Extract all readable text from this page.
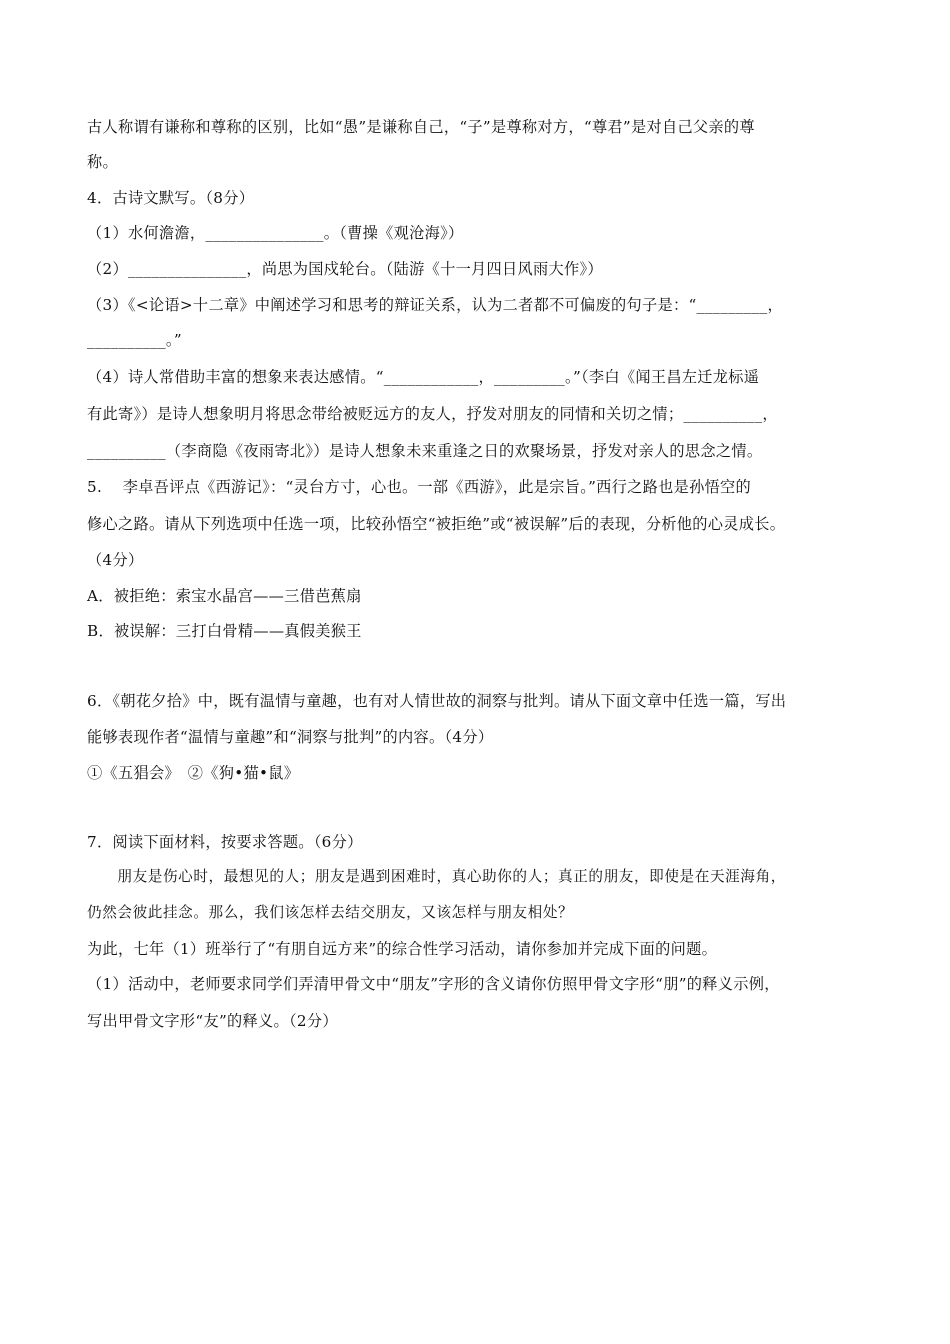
古人称谓有谦称和尊称的区别，比如“愚”是谦称自己，“子”是尊称对方，“尊君”是对自己父亲的尊
称。
4．古诗文默写。（8分）
（1）水何澹澹，_______________。（曹操《观沧海》）
（2）_______________，尚思为国戍轮台。（陆游《十一月四日风雨大作》）
（3）《<论语>十二章》中阐述学习和思考的辩证关系，认为二者都不可偏废的句子是：“_________，
__________。”
（4）诗人常借助丰富的想象来表达感情。“____________，_________。”（李白《闻王昌左迁龙标遥
有此寄》）是诗人想象明月将思念带给被贬远方的友人，抒发对朋友的同情和关切之情；__________，
__________（李商隐《夜雨寄北》）是诗人想象未来重逢之日的欢聚场景，抒发对亲人的思念之情。
5.　 李卓吾评点《西游记》：“灵台方寸，心也。一部《西游》，此是宗旨。”西行之路也是孙悟空的
修心之路。请从下列选项中任选一项，比较孙悟空“被拒绝”或“被误解”后的表现，分析他的心灵成长。
（4分）
A．被拒绝：索宝水晶宫——三借芭蕉扇
B．被误解：三打白骨精——真假美猴王
6．《朝花夕拾》中，既有温情与童趣，也有对人情世故的洞察与批判。请从下面文章中任选一篇，写出
能够表现作者“温情与童趣”和“洞察与批判”的内容。（4分）
①《五猖会》　②《狗•猫•鼠》
7．阅读下面材料，按要求答题。（6分）
　　朋友是伤心时，最想见的人；朋友是遇到困难时，真心助你的人；真正的朋友，即使是在天涯海角，
仍然会彼此挂念。那么，我们该怎样去结交朋友，又该怎样与朋友相处？
为此，七年（1）班举行了“有朋自远方来”的综合性学习活动，请你参加并完成下面的问题。
（1）活动中，老师要求同学们弄清甲骨文中“朋友”字形的含义请你仿照甲骨文字形“朋”的释义示例，
写出甲骨文字形“友”的释义。（2分）
